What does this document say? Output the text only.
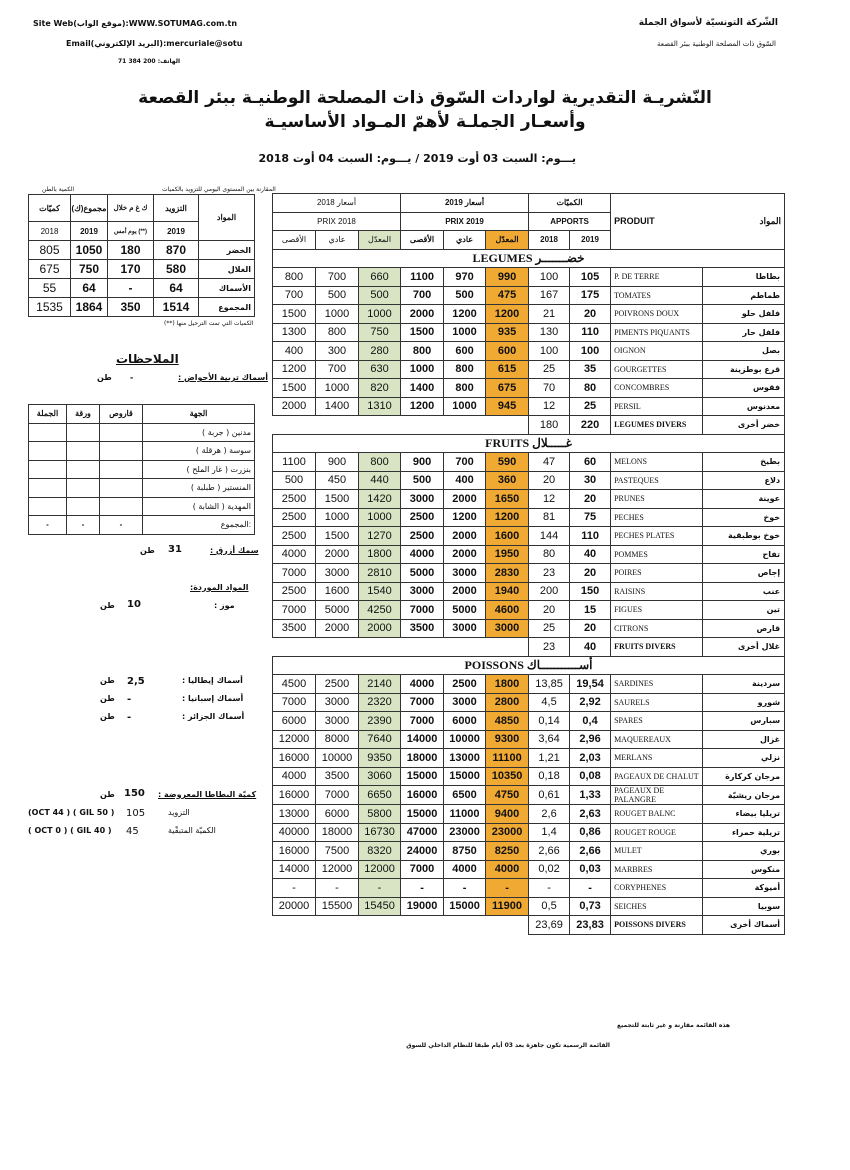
الشّركة التونسيّة لأسواق الجملة
السّوق ذات المصلحة الوطنية ببئر القصعة
Site Web(موقع الواب):WWW.SOTUMAG.com.tn
Email(البريد الإلكتروني):mercuriale@sotu
الهاتف: 200 384 71
النّشريـة التقديرية لواردات السّوق ذات المصلحة الوطنيـة ببئر القصعة
وأسعـار الجملـة لأهمّ المـواد الأساسيـة
يـــوم: السبت 03 أوت 2019 / يـــوم: السبت 04 أوت 2018
أسعار 2018			أسعار 2019			الكميّات		PRODUIT	المواد
PRIX 2018			PRIX 2019			APPORTS			
الأقصى	عادي	المعدّل	الأقصى	عادي	المعدّل	2018	2019		
LEGUMES خضـــــــر									
800	700	660	1100	970	990	100	105	P. DE TERRE	بطاطا
700	500	500	700	500	475	167	175	TOMATES	طماطم
1500	1000	1000	2000	1200	1200	21	20	POIVRONS DOUX	فلفل حلو
1300	800	750	1500	1000	935	130	110	PIMENTS PIQUANTS	فلفل حار
400	300	280	800	600	600	100	100	OIGNON	بصل
1200	700	630	1000	800	615	25	35	GOURGETTES	قرع بوطزينة
1500	1000	820	1400	800	675	70	80	CONCOMBRES	فقوس
2000	1400	1310	1200	1000	945	12	25	PERSIL	معدنوس
						180	220	LEGUMES DIVERS	خضر أخرى
FRUITS غـــــلال									
1100	900	800	900	700	590	47	60	MELONS	بطيخ
500	450	440	500	400	360	20	30	PASTEQUES	دلاع
2500	1500	1420	3000	2000	1650	12	20	PRUNES	عوينة
2500	1000	1000	2500	1200	1200	81	75	PECHES	خوخ
2500	1500	1270	2500	2000	1600	144	110	PECHES PLATES	خوخ بوطبقية
4000	2000	1800	4000	2000	1950	80	40	POMMES	تفاح
7000	3000	2810	5000	3000	2830	23	20	POIRES	إجاص
2500	1600	1540	3000	2000	1940	200	150	RAISINS	عنب
7000	5000	4250	7000	5000	4600	20	15	FIGUES	تين
3500	2000	2000	3500	3000	3000	25	20	CITRONS	قارص
						23	40	FRUITS DIVERS	غلال أخرى
POISSONS أســـــــــــاك									
4500	2500	2140	4000	2500	1800	13,85	19,54	SARDINES	سردينة
7000	3000	2320	7000	3000	2800	4,5	2,92	SAURELS	شورو
6000	3000	2390	7000	6000	4850	0,14	0,4	SPARES	سبارس
12000	8000	7640	14000	10000	9300	3,64	2,96	MAQUEREAUX	غزال
16000	10000	9350	18000	13000	11100	1,21	2,03	MERLANS	نزلي
4000	3500	3060	15000	15000	10350	0,18	0,08	PAGEAUX DE CHALUT	مرجان كركارة
16000	7000	6650	16000	6500	4750	0,61	1,33	PAGEAUX DE PALANGRE	مرجان ريشيّة
13000	6000	5800	15000	11000	9400	2,6	2,63	ROUGET BALNC	تريليا بيضاء
40000	18000	16730	47000	23000	23000	1,4	0,86	ROUGET ROUGE	تريلية حمراء
16000	7500	8320	24000	8750	8250	2,66	2,66	MULET	بوري
14000	12000	12000	7000	4000	4000	0,02	0,03	MARBRES	منكوس
-	-	-	-	-	-	-	-	CORYPHENES	أميوكة
20000	15500	15450	19000	15000	11900	0,5	0,73	SEICHES	سوبيا
						23,69	23,83	POISSONS DIVERS	أسماك أخرى
هذه القائمة مقارنة و غير ثابتة للتجميع
القائمة الرسمية تكون جاهزة بعد 03 أيام طبقا للنظام الداخلي للسوق
المقارنة بين المستوى اليومي للتزويد بالكميات
الكمية بالطن
كميّات	مجموع(ك)	ك غ م خلال	التزويد	المواد
2018	2019	يوم أمس (**)	2019	
805	1050	180	870	الخضر
675	750	170	580	الغلال
55	64	-	64	الأسماك
1535	1864	350	1514	المجموع
الكميات التي تمت الترحيل منها (**)
الملاحظات
أسماك تربية الأحواض :
-
طن
الجملة	ورقة	قاروص	الجهة
			مدنين ( جربة )
			سوسة ( هرقلة )
			بنزرت ( غار الملح )
			المنستير ( طبلبة )
			المهدية ( الشابة )
-	-	-	المجموع:
سمك أزرق :
31
طن
المواد الموردة:
موز :
10
طن
أسماك إيطاليا :
2,5
طن
أسماك إسبانيا :
-
طن
أسماك الجزائر :
-
طن
كميّة البطاطا المعروضة :
150
طن
(OCT 44 ) ( GIL 50 ) 105	التزويد
( OCT 0 ) ( GIL 40 ) 45	الكميّة المتبقّية
